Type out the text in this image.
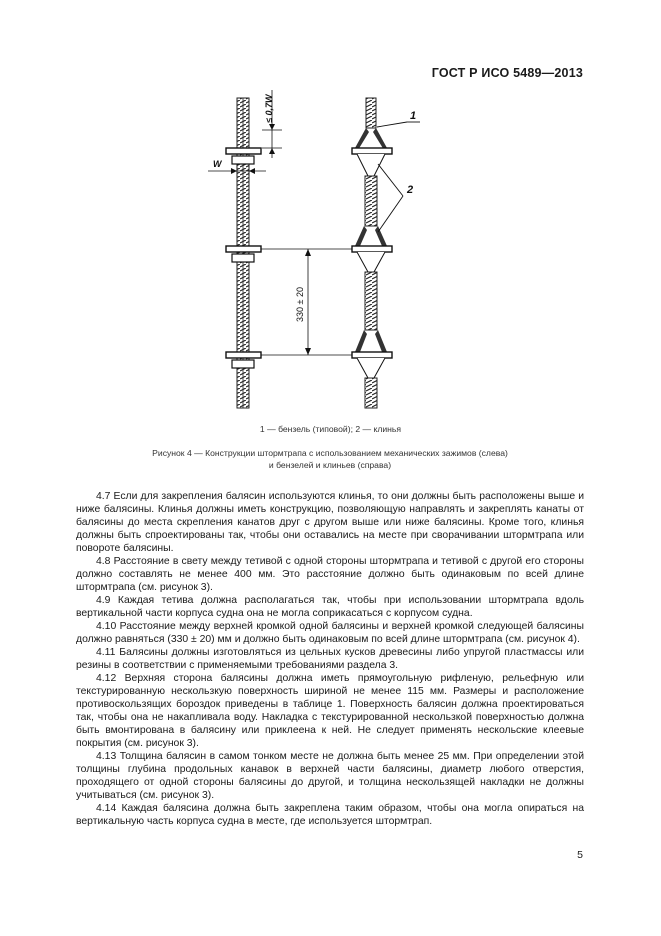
ГОСТ Р ИСО 5489—2013
≤ 0,7W
W
330 ± 20
1
2
1 — бензель (типовой); 2 — клинья
Рисунок 4 — Конструкции штормтрапа с использованием механических зажимов (слева)
и бензелей и клиньев (справа)

4.7 Если для закрепления балясин используются клинья, то они должны быть расположены выше и ниже балясины. Клинья должны иметь конструкцию, позволяющую направлять и закреплять канаты от балясины до места скрепления канатов друг с другом выше или ниже балясины. Кроме того, клинья должны быть спроектированы так, чтобы они оставались на месте при сворачивании штормтрапа или повороте балясины.

4.8 Расстояние в свету между тетивой с одной стороны штормтрапа и тетивой с другой его стороны должно составлять не менее 400 мм. Это расстояние должно быть одинаковым по всей длине штормтрапа (см. рисунок 3).

4.9 Каждая тетива должна располагаться так, чтобы при использовании штормтрапа вдоль вертикальной части корпуса судна она не могла соприкасаться с корпусом судна.

4.10 Расстояние между верхней кромкой одной балясины и верхней кромкой следующей балясины должно равняться (330 ± 20) мм и должно быть одинаковым по всей длине штормтрапа (см. рисунок 4).

4.11 Балясины должны изготовляться из цельных кусков древесины либо упругой пластмассы или резины в соответствии с применяемыми требованиями раздела 3.

4.12 Верхняя сторона балясины должна иметь прямоугольную рифленую, рельефную или текстурированную нескользкую поверхность шириной не менее 115 мм. Размеры и расположение противоскользящих бороздок приведены в таблице 1. Поверхность балясин должна проектироваться так, чтобы она не накапливала воду. Накладка с текстурированной нескользкой поверхностью должна быть вмонтирована в балясину или приклеена к ней. Не следует применять нескольские клеевые покрытия (см. рисунок 3).

4.13 Толщина балясин в самом тонком месте не должна быть менее 25 мм. При определении этой толщины глубина продольных канавок в верхней части балясины, диаметр любого отверстия, проходящего от одной стороны балясины до другой, и толщина нескользящей накладки не должны учитываться (см. рисунок 3).

4.14 Каждая балясина должна быть закреплена таким образом, чтобы она могла опираться на вертикальную часть корпуса судна в месте, где используется штормтрап.

5
